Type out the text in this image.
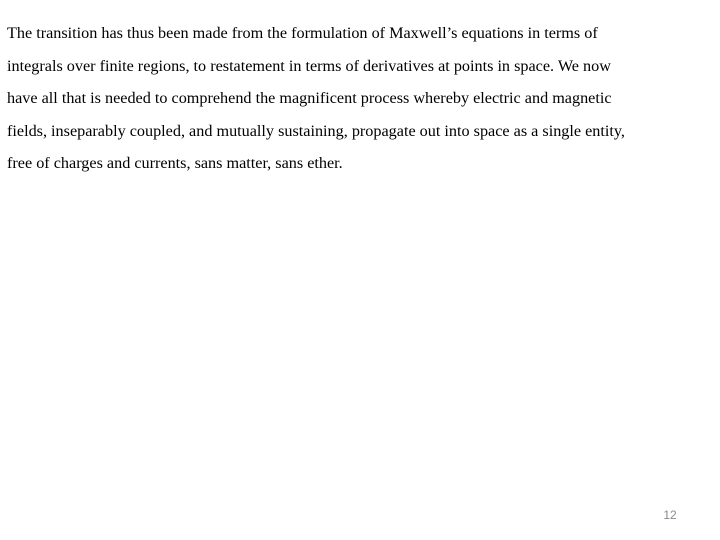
The transition has thus been made from the formulation of Maxwell’s equations in terms of
integrals over finite regions, to restatement in terms of derivatives at points in space. We now
have all that is needed to comprehend the magnificent process whereby electric and magnetic
fields, inseparably coupled, and mutually sustaining, propagate out into space as a single entity,
free of charges and currents, sans matter, sans ether.

12
